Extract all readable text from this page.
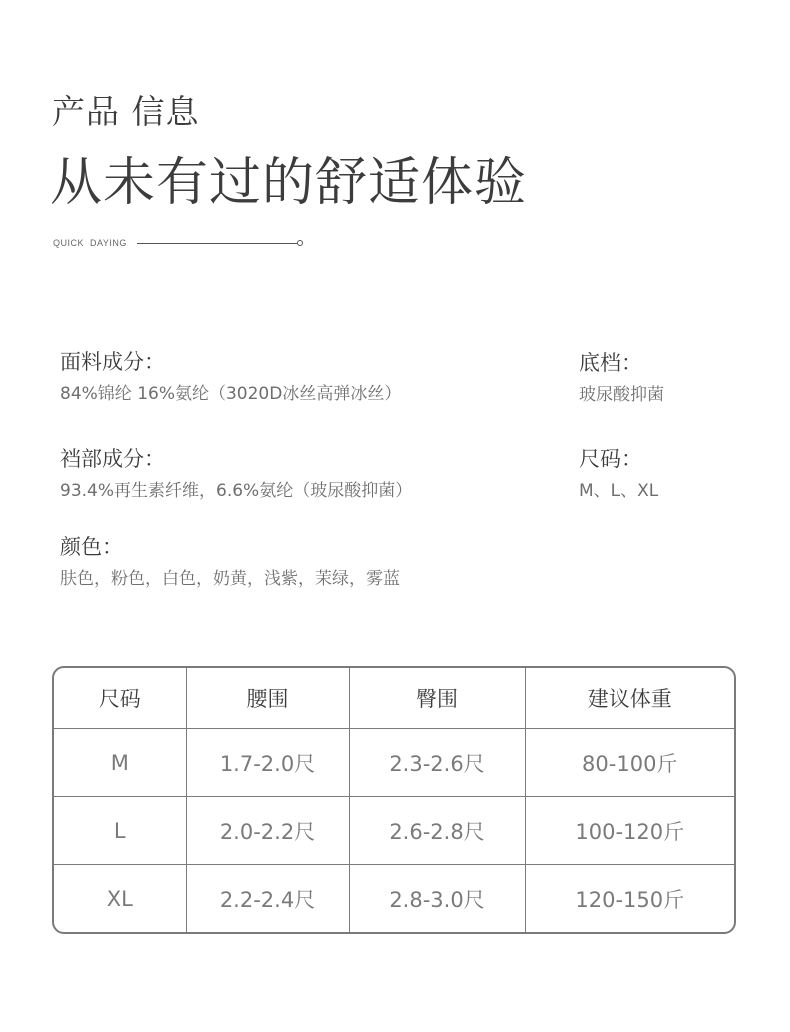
产品 信息
从未有过的舒适体验
QUICK  DAYING
面料成分：
84%锦纶 16%氨纶（3020D冰丝高弹冰丝）
底档：
玻尿酸抑菌
裆部成分：
93.4%再生素纤维，6.6%氨纶（玻尿酸抑菌）
尺码：
M、L、XL
颜色：
肤色，粉色，白色，奶黄，浅紫，茉绿，雾蓝
尺码	腰围	臀围	建议体重
M	1.7-2.0尺	2.3-2.6尺	80-100斤
L	2.0-2.2尺	2.6-2.8尺	100-120斤
XL	2.2-2.4尺	2.8-3.0尺	120-150斤
